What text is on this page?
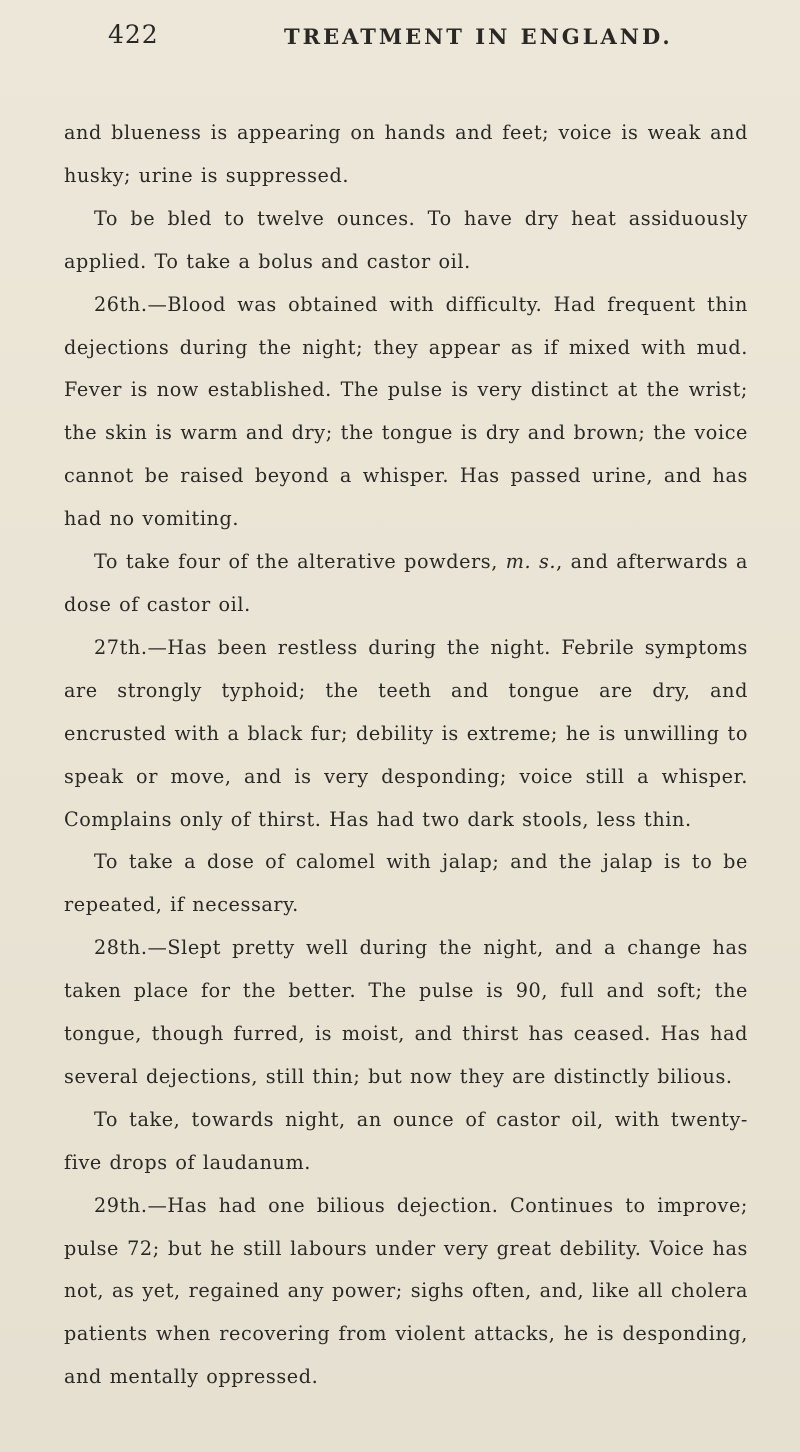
422	TREATMENT IN ENGLAND.

and blueness is appearing on hands and feet; voice is weak and husky; urine is suppressed.

To be bled to twelve ounces. To have dry heat assiduously applied. To take a bolus and castor oil.

26th.—Blood was obtained with difficulty. Had frequent thin dejections during the night; they appear as if mixed with mud. Fever is now established. The pulse is very distinct at the wrist; the skin is warm and dry; the tongue is dry and brown; the voice cannot be raised beyond a whisper. Has passed urine, and has had no vomiting.

To take four of the alterative powders, m. s., and afterwards a dose of castor oil.

27th.—Has been restless during the night. Febrile symptoms are strongly typhoid; the teeth and tongue are dry, and encrusted with a black fur; debility is extreme; he is unwilling to speak or move, and is very desponding; voice still a whisper. Complains only of thirst. Has had two dark stools, less thin.

To take a dose of calomel with jalap; and the jalap is to be repeated, if necessary.

28th.—Slept pretty well during the night, and a change has taken place for the better. The pulse is 90, full and soft; the tongue, though furred, is moist, and thirst has ceased. Has had several dejections, still thin; but now they are distinctly bilious.

To take, towards night, an ounce of castor oil, with twenty-five drops of laudanum.

29th.—Has had one bilious dejection. Continues to improve; pulse 72; but he still labours under very great debility. Voice has not, as yet, regained any power; sighs often, and, like all cholera patients when recovering from violent attacks, he is desponding, and mentally oppressed.
